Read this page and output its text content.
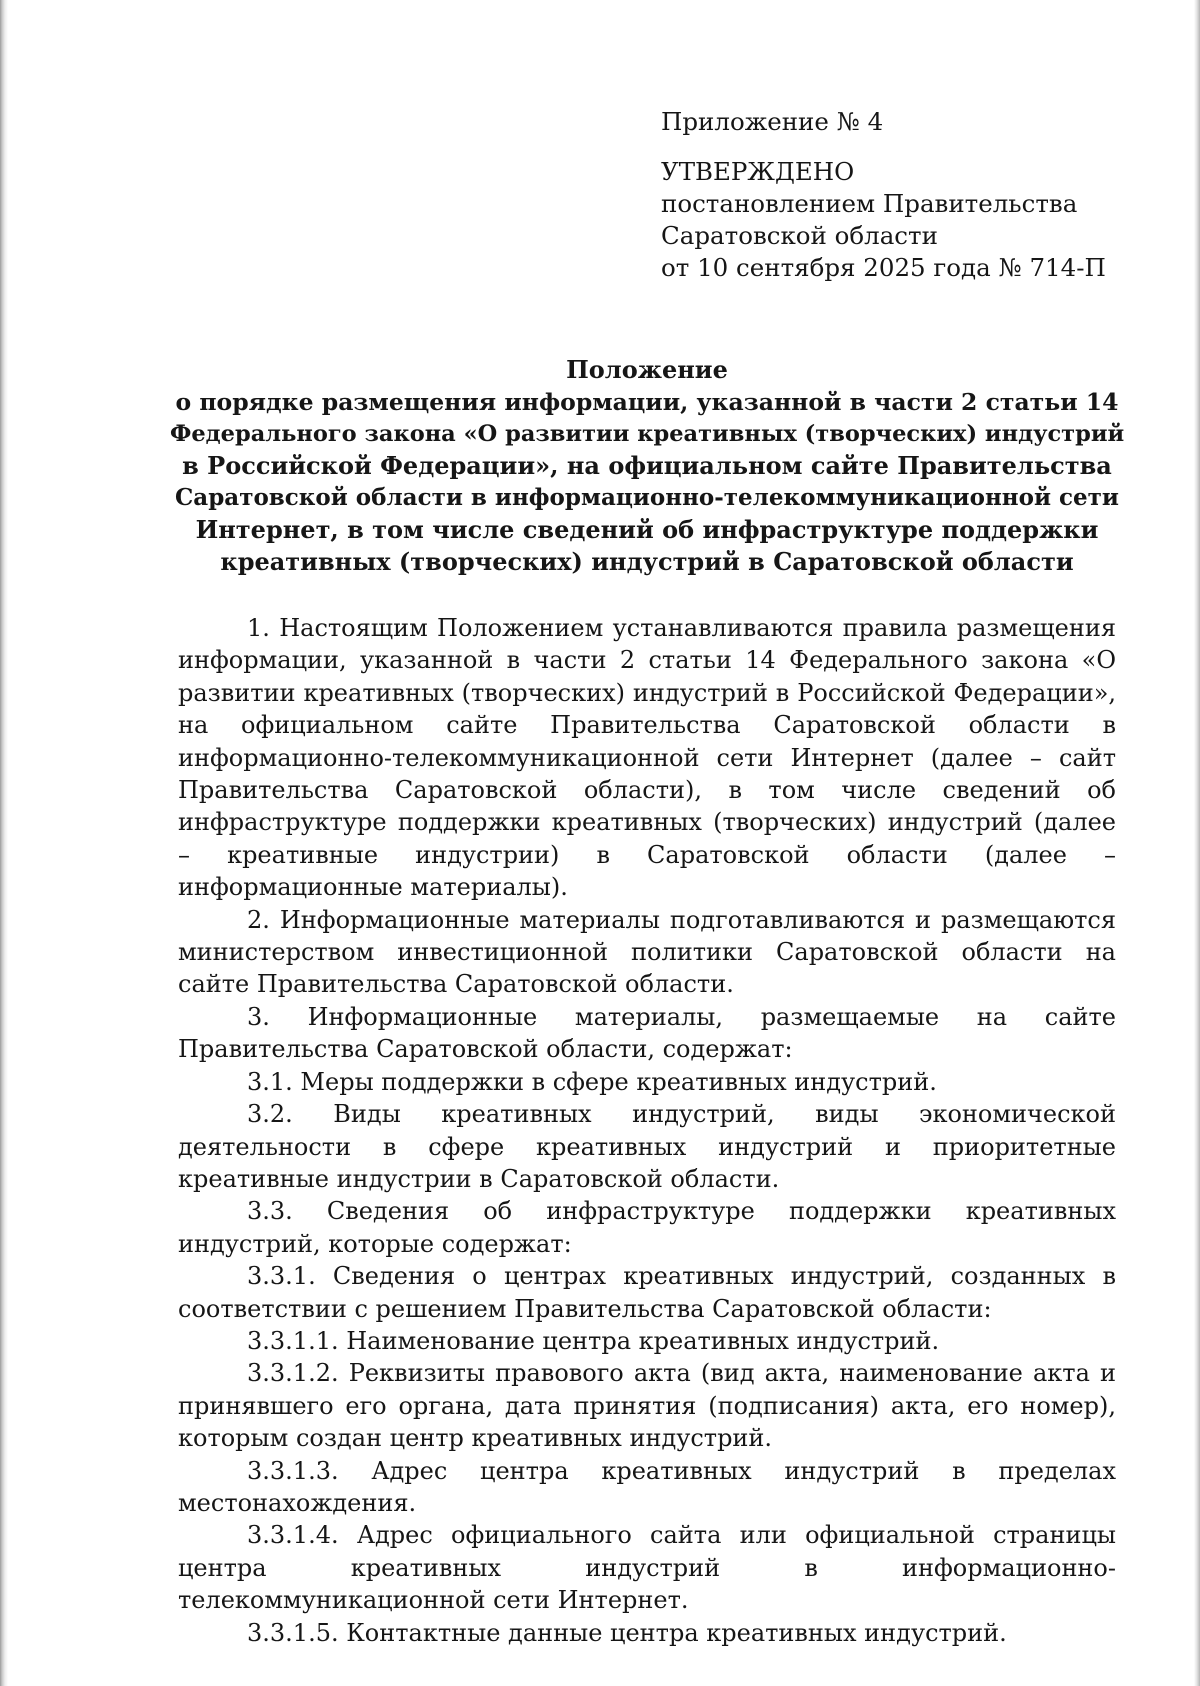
Приложение № 4
УТВЕРЖДЕНО
постановлением Правительства
Саратовской области
от 10 сентября 2025 года № 714-П
Положение
о порядке размещения информации, указанной в части 2 статьи 14
Федерального закона «О развитии креативных (творческих) индустрий
в Российской Федерации», на официальном сайте Правительства
Саратовской области в информационно-телекоммуникационной сети
Интернет, в том числе сведений об инфраструктуре поддержки
креативных (творческих) индустрий в Саратовской области

1. Настоящим Положением устанавливаются правила размещения информации, указанной в части 2 статьи 14 Федерального закона «О развитии креативных (творческих) индустрий в Российской Федерации», на официальном сайте Правительства Саратовской области в информационно-телекоммуникационной сети Интернет (далее – сайт Правительства Саратовской области), в том числе сведений об инфраструктуре поддержки креативных (творческих) индустрий (далее – креативные индустрии) в Саратовской области (далее – информационные материалы).

2. Информационные материалы подготавливаются и размещаются министерством инвестиционной политики Саратовской области на сайте Правительства Саратовской области.

3. Информационные материалы, размещаемые на сайте Правительства Саратовской области, содержат:

3.1. Меры поддержки в сфере креативных индустрий.

3.2. Виды креативных индустрий, виды экономической деятельности в сфере креативных индустрий и приоритетные креативные индустрии в Саратовской области.

3.3. Сведения об инфраструктуре поддержки креативных индустрий, которые содержат:

3.3.1. Сведения о центрах креативных индустрий, созданных в соответствии с решением Правительства Саратовской области:

3.3.1.1. Наименование центра креативных индустрий.

3.3.1.2. Реквизиты правового акта (вид акта, наименование акта и принявшего его органа, дата принятия (подписания) акта, его номер), которым создан центр креативных индустрий.

3.3.1.3. Адрес центра креативных индустрий в пределах местонахождения.

3.3.1.4. Адрес официального сайта или официальной страницы центра креативных индустрий в информационно-телекоммуникационной сети Интернет.

3.3.1.5. Контактные данные центра креативных индустрий.
